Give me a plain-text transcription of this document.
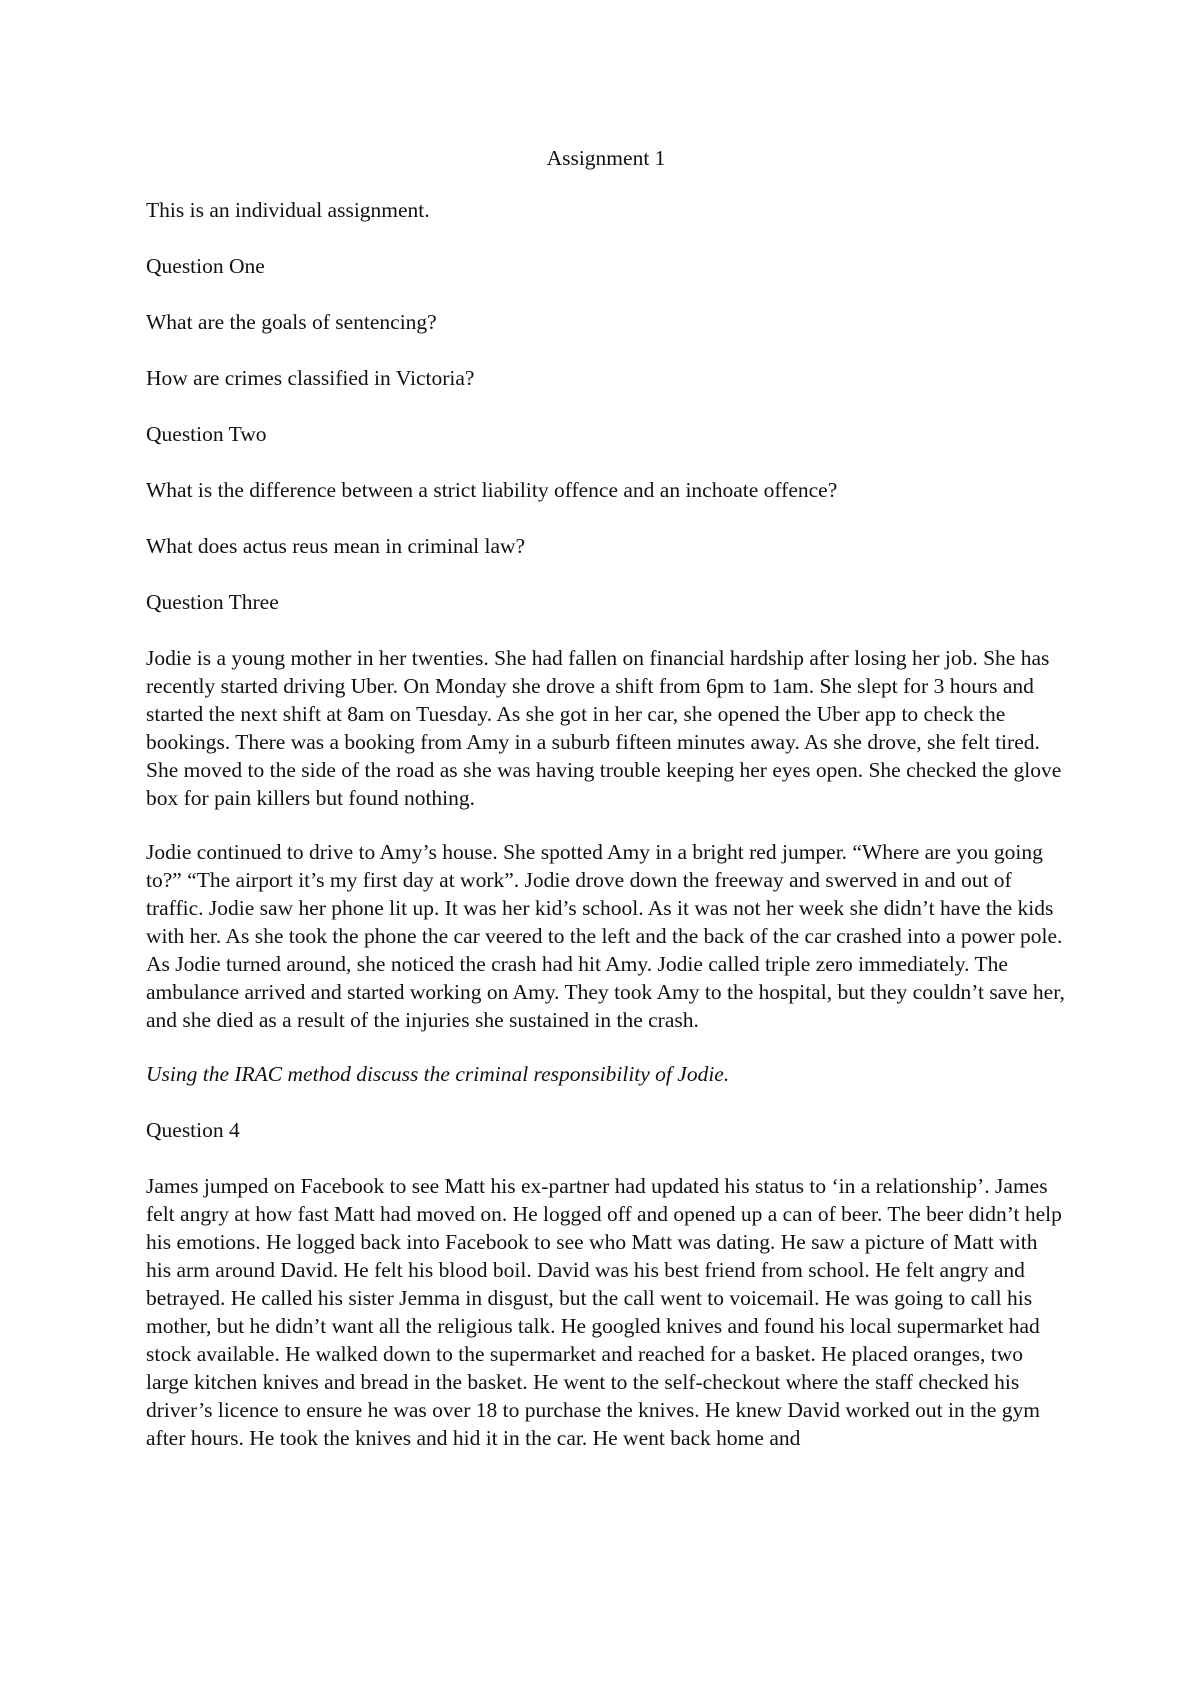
Assignment 1

This is an individual assignment.

Question One

What are the goals of sentencing?

How are crimes classified in Victoria?

Question Two

What is the difference between a strict liability offence and an inchoate offence?

What does actus reus mean in criminal law?

Question Three

Jodie is a young mother in her twenties. She had fallen on financial hardship after losing her job. She has recently started driving Uber. On Monday she drove a shift from 6pm to 1am. She slept for 3 hours and started the next shift at 8am on Tuesday. As she got in her car, she opened the Uber app to check the bookings. There was a booking from Amy in a suburb fifteen minutes away. As she drove, she felt tired. She moved to the side of the road as she was having trouble keeping her eyes open. She checked the glove box for pain killers but found nothing.

Jodie continued to drive to Amy’s house. She spotted Amy in a bright red jumper. “Where are you going to?” “The airport it’s my first day at work”. Jodie drove down the freeway and swerved in and out of traffic. Jodie saw her phone lit up. It was her kid’s school. As it was not her week she didn’t have the kids with her. As she took the phone the car veered to the left and the back of the car crashed into a power pole. As Jodie turned around, she noticed the crash had hit Amy. Jodie called triple zero immediately. The ambulance arrived and started working on Amy. They took Amy to the hospital, but they couldn’t save her, and she died as a result of the injuries she sustained in the crash.

Using the IRAC method discuss the criminal responsibility of Jodie.

Question 4

James jumped on Facebook to see Matt his ex-partner had updated his status to ‘in a relationship’. James felt angry at how fast Matt had moved on. He logged off and opened up a can of beer. The beer didn’t help his emotions. He logged back into Facebook to see who Matt was dating. He saw a picture of Matt with his arm around David. He felt his blood boil. David was his best friend from school. He felt angry and betrayed. He called his sister Jemma in disgust, but the call went to voicemail. He was going to call his mother, but he didn’t want all the religious talk. He googled knives and found his local supermarket had stock available. He walked down to the supermarket and reached for a basket. He placed oranges, two large kitchen knives and bread in the basket. He went to the self-checkout where the staff checked his driver’s licence to ensure he was over 18 to purchase the knives. He knew David worked out in the gym after hours. He took the knives and hid it in the car. He went back home and
